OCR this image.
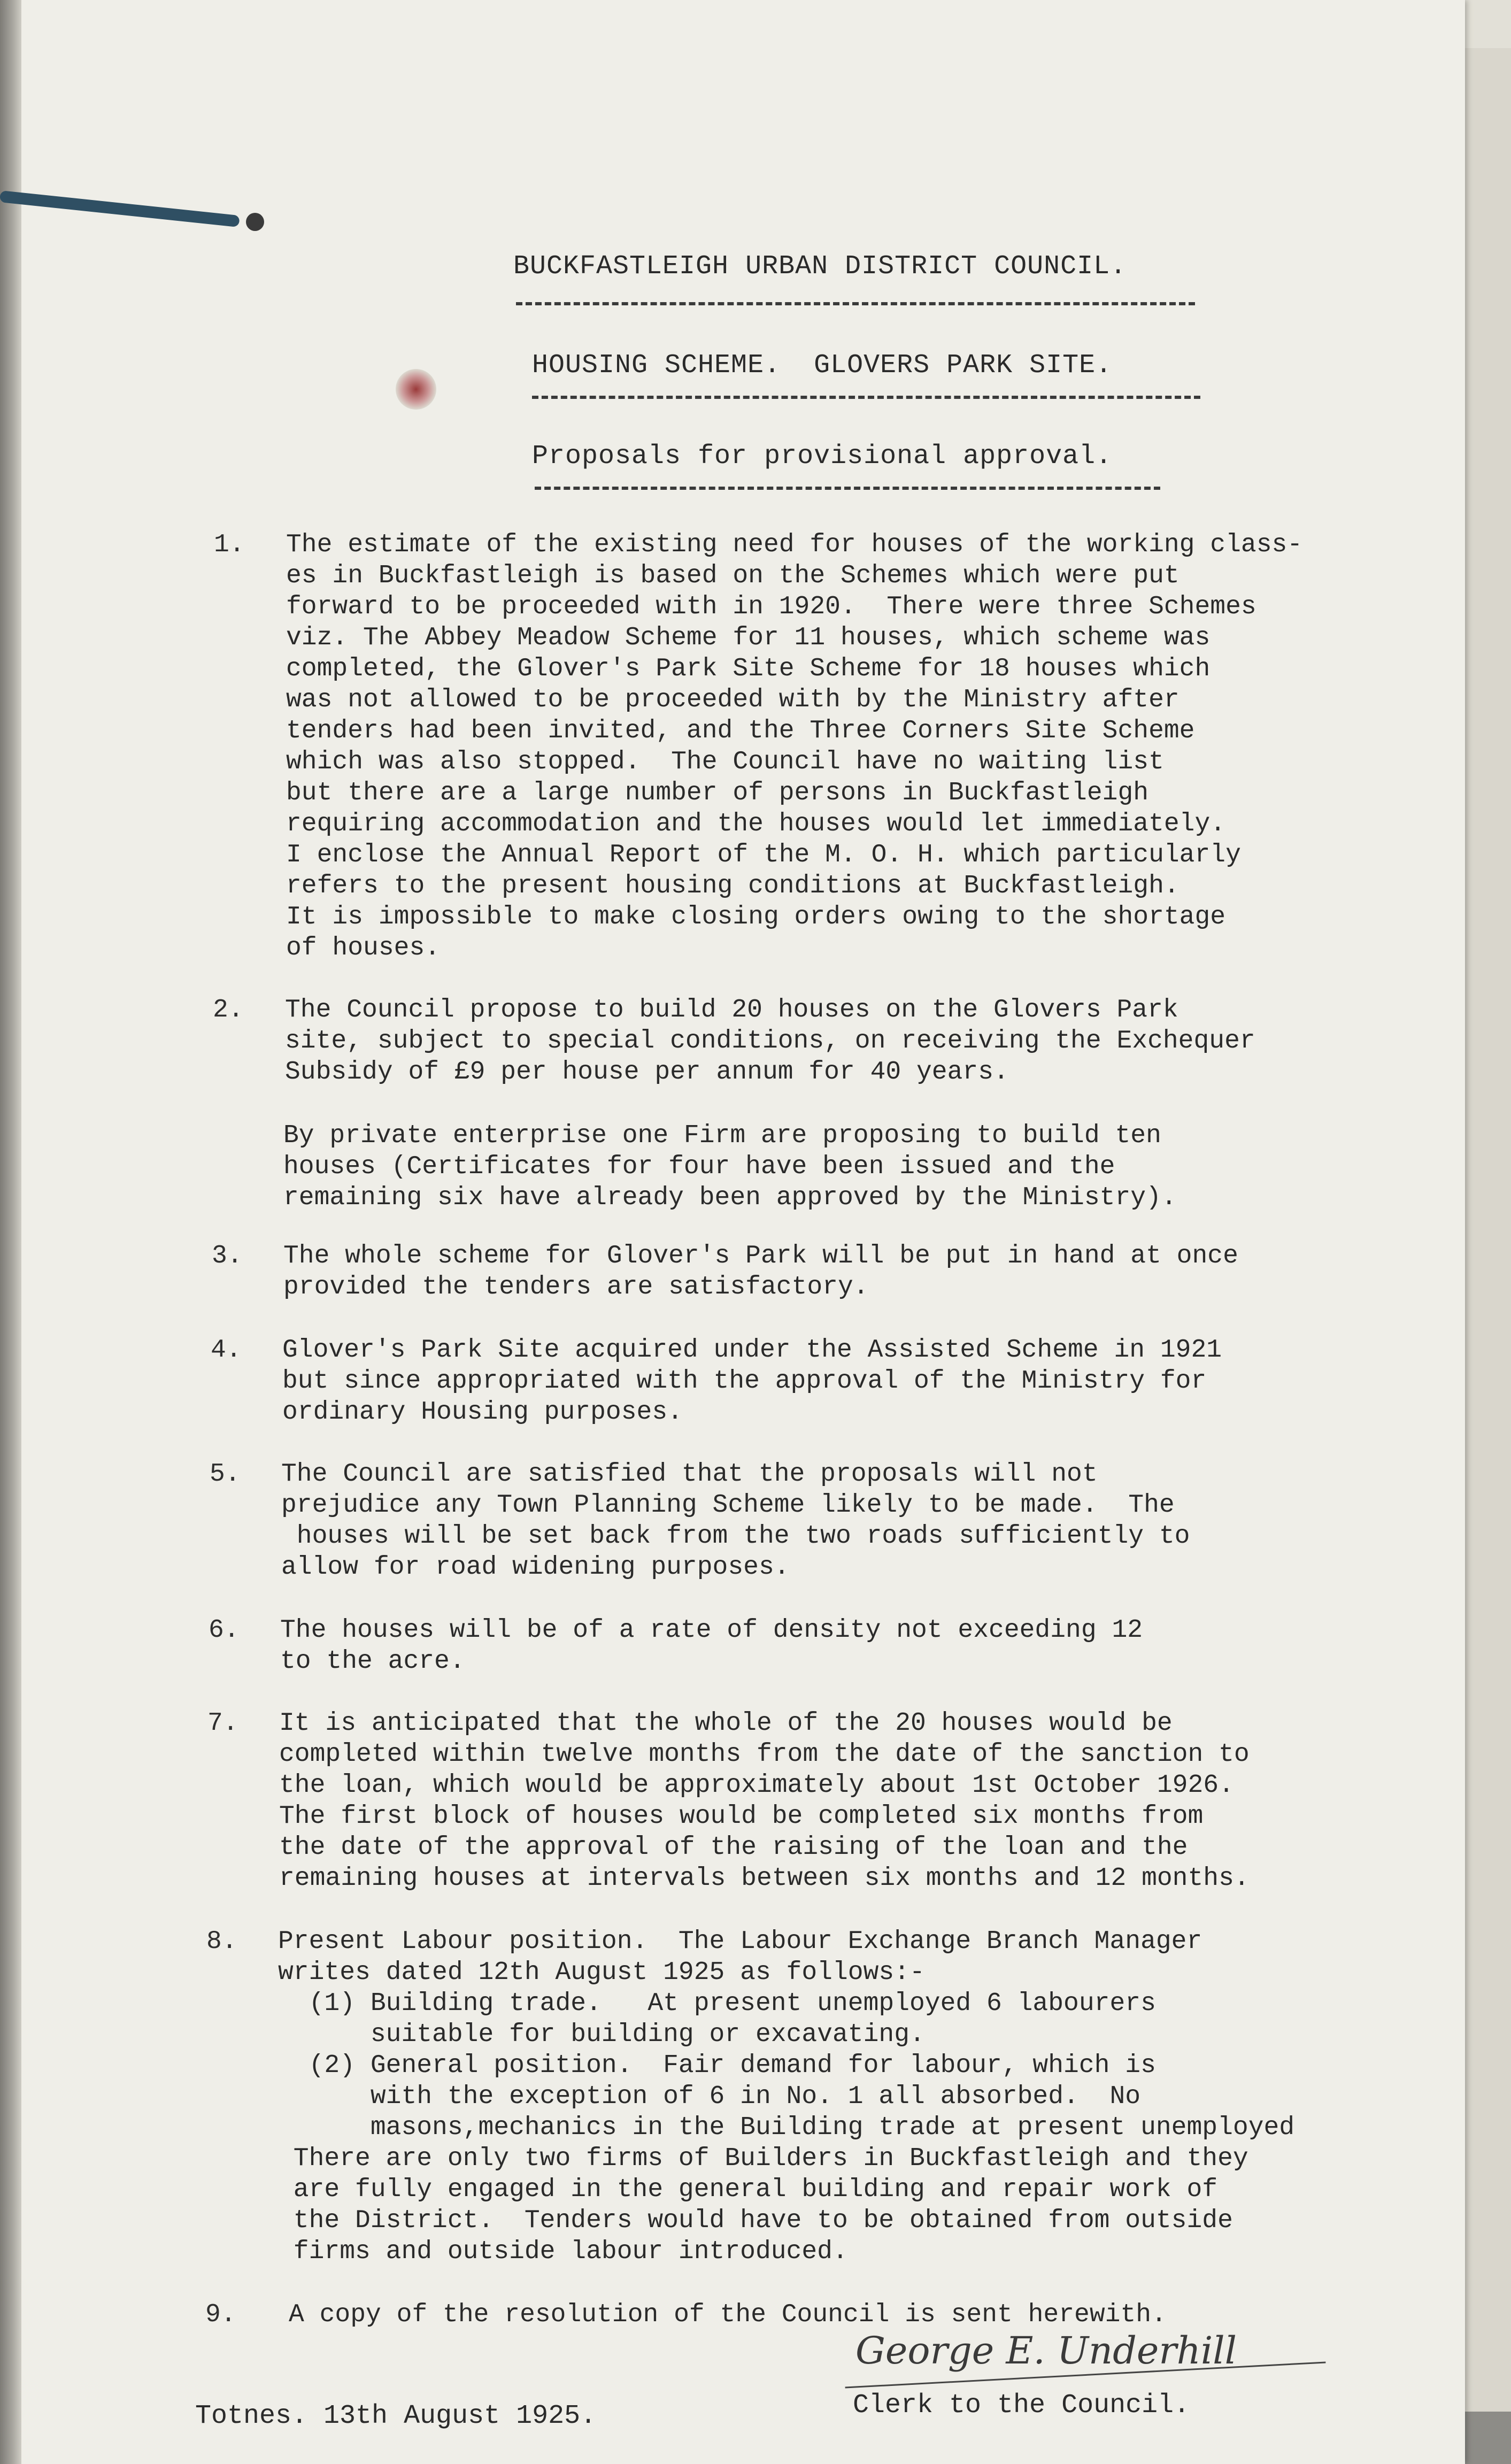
BUCKFASTLEIGH URBAN DISTRICT COUNCIL.
HOUSING SCHEME.  GLOVERS PARK SITE.
Proposals for provisional approval.
1. The estimate of the existing need for houses of the working class-
es in Buckfastleigh is based on the Schemes which were put
forward to be proceeded with in 1920.  There were three Schemes
viz. The Abbey Meadow Scheme for 11 houses, which scheme was
completed, the Glover's Park Site Scheme for 18 houses which
was not allowed to be proceeded with by the Ministry after
tenders had been invited, and the Three Corners Site Scheme
which was also stopped.  The Council have no waiting list
but there are a large number of persons in Buckfastleigh
requiring accommodation and the houses would let immediately.
I enclose the Annual Report of the M. O. H. which particularly
refers to the present housing conditions at Buckfastleigh.
It is impossible to make closing orders owing to the shortage
of houses.
2. The Council propose to build 20 houses on the Glovers Park
site, subject to special conditions, on receiving the Exchequer
Subsidy of £9 per house per annum for 40 years.
By private enterprise one Firm are proposing to build ten
houses (Certificates for four have been issued and the
remaining six have already been approved by the Ministry).
3. The whole scheme for Glover's Park will be put in hand at once
provided the tenders are satisfactory.
4. Glover's Park Site acquired under the Assisted Scheme in 1921
but since appropriated with the approval of the Ministry for
ordinary Housing purposes.
5. The Council are satisfied that the proposals will not
prejudice any Town Planning Scheme likely to be made.  The
houses will be set back from the two roads sufficiently to
allow for road widening purposes.
6. The houses will be of a rate of density not exceeding 12
to the acre.
7. It is anticipated that the whole of the 20 houses would be
completed within twelve months from the date of the sanction to
the loan, which would be approximately about 1st October 1926.
The first block of houses would be completed six months from
the date of the approval of the raising of the loan and the
remaining houses at intervals between six months and 12 months.
8. Present Labour position.  The Labour Exchange Branch Manager
writes dated 12th August 1925 as follows:-
(1) Building trade.   At present unemployed 6 labourers
suitable for building or excavating.
(2) General position.  Fair demand for labour, which is
with the exception of 6 in No. 1 all absorbed.  No
masons,mechanics in the Building trade at present unemployed
There are only two firms of Builders in Buckfastleigh and they
are fully engaged in the general building and repair work of
the District.  Tenders would have to be obtained from outside
firms and outside labour introduced.
9. A copy of the resolution of the Council is sent herewith.
George E. Underhill
Totnes. 13th August 1925.	Clerk to the Council.
